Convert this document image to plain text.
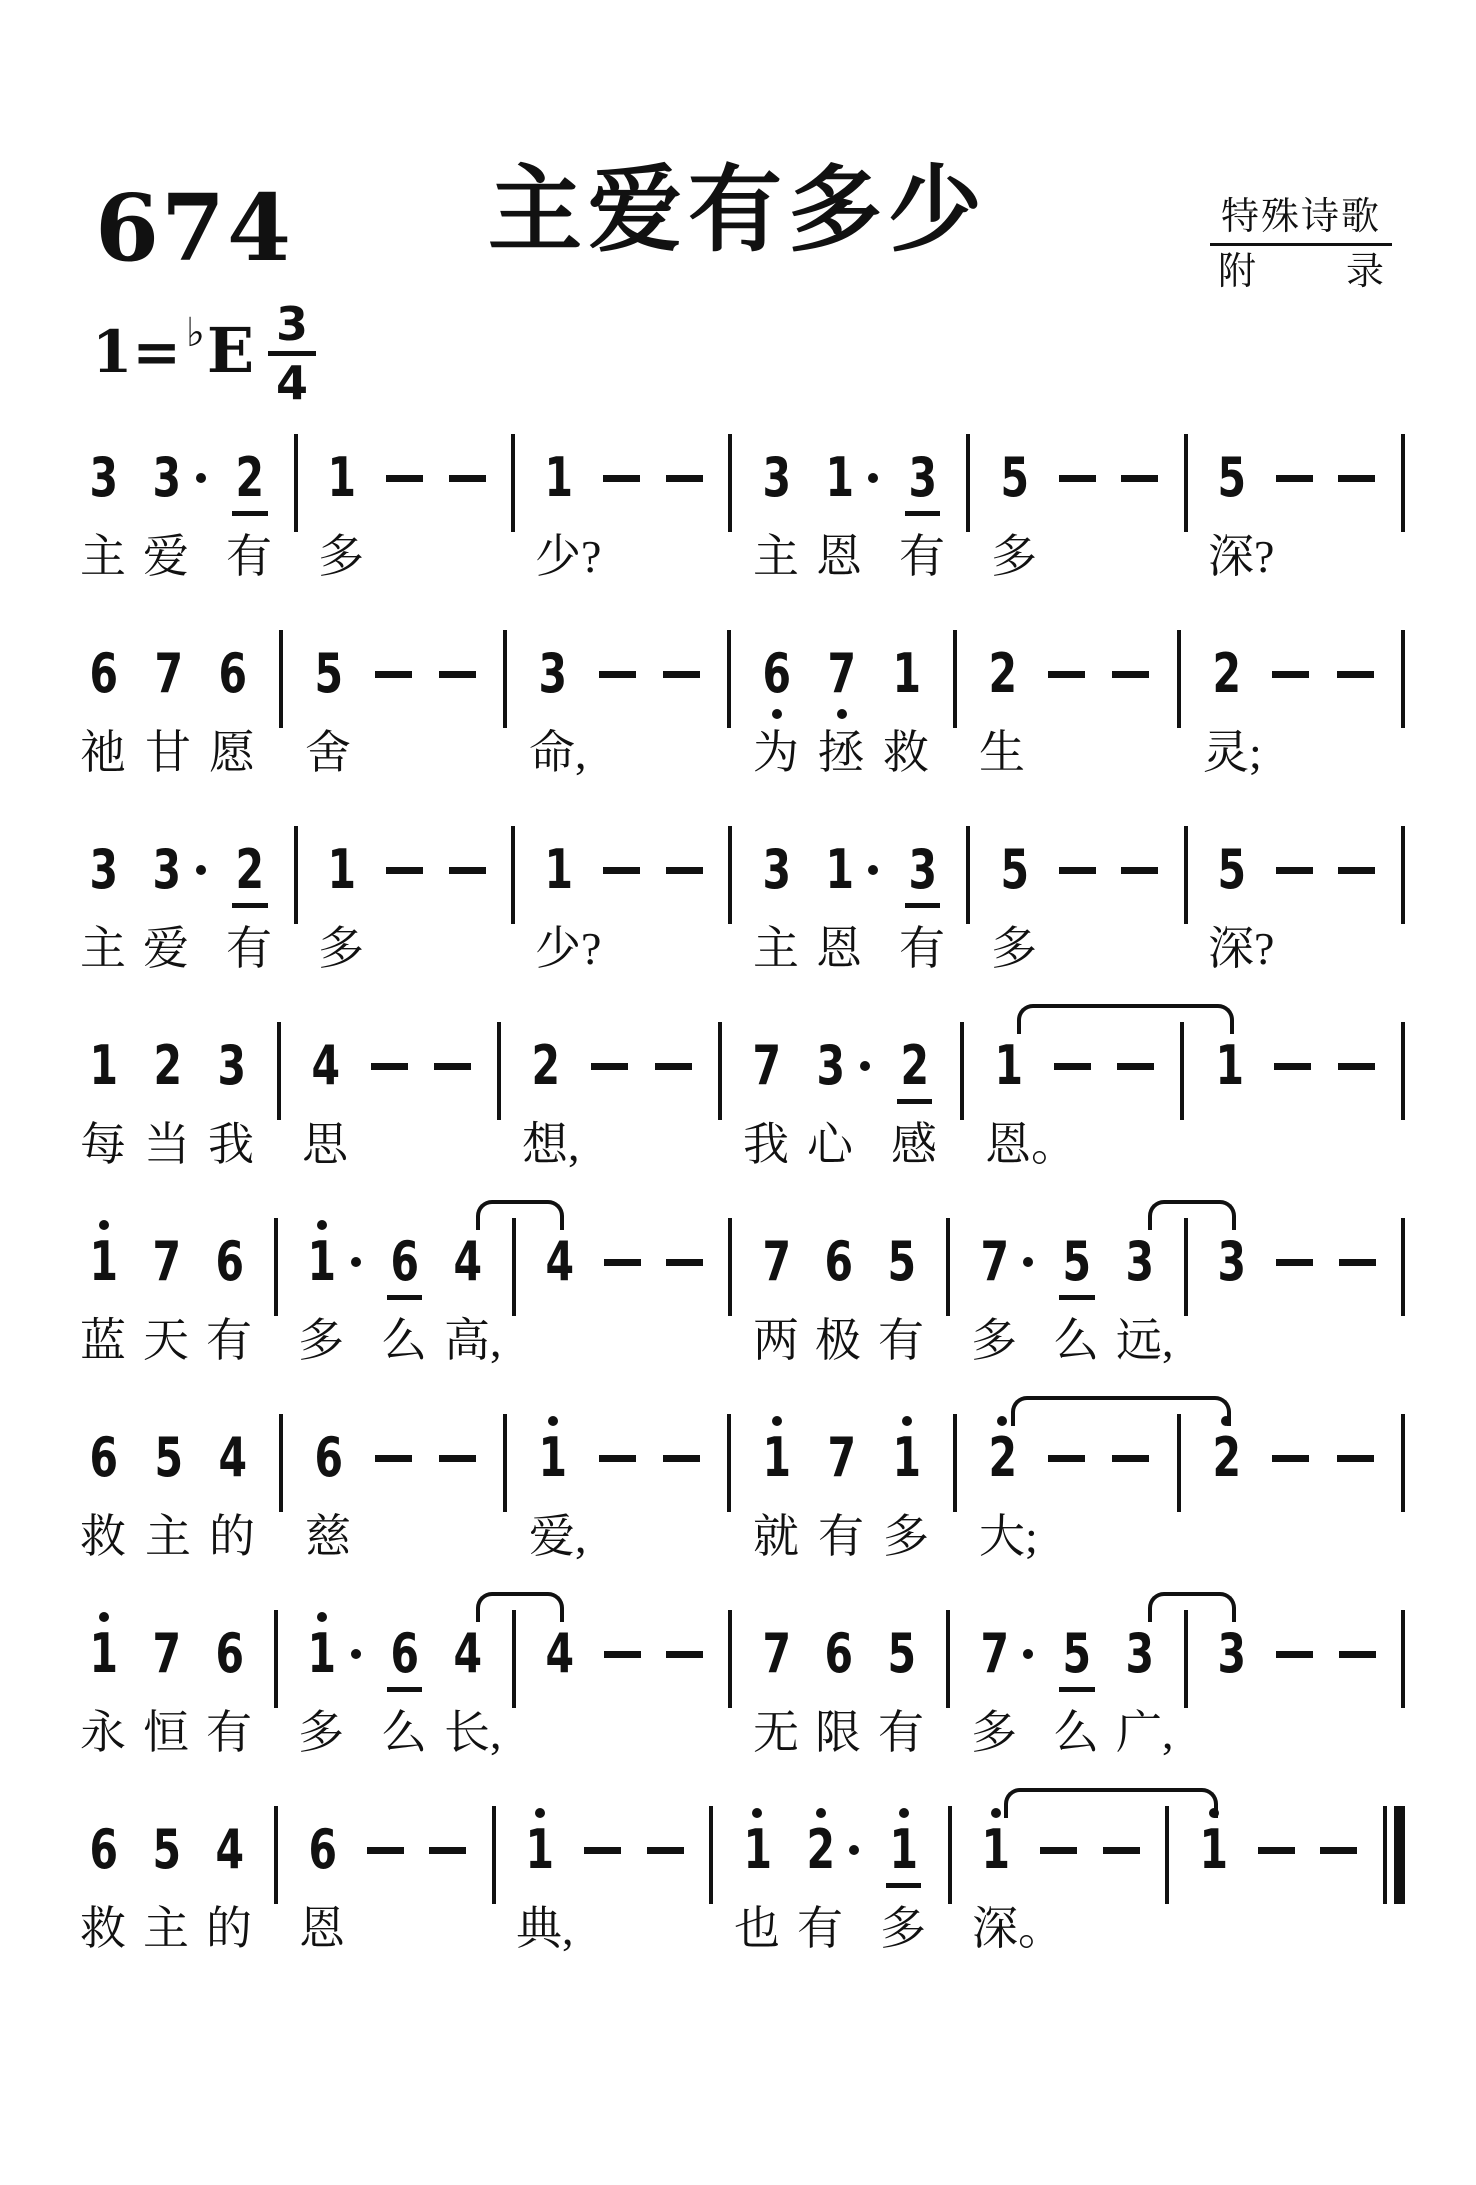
674	主爱有多少	特殊诗歌
附 录
1= ♭E 3
4
3 3 2 1	1	3 1 3 5	5
主 爱 有 多	少?	主 恩 有 多	深?
6 7 6 5	3	6 7 1 2	2
祂 甘 愿 舍	命,	为 拯 救 生	灵;
3 3 2 1	1	3 1 3 5	5
主 爱 有 多	少?	主 恩 有 多	深?
1 2 3 4	2	7 3 2 1	1
每 当 我 思	想,	我 心 感 恩。
1 7 6 1 6 4 4	7 6 5 7 5 3 3
蓝 天 有 多 么 高,	两 极 有 多 么 远,
6 5 4 6	1	1 7 1 2	2
救 主 的 慈	爱,	就 有 多 大;
1 7 6 1 6 4 4	7 6 5 7 5 3 3
永 恒 有 多 么 长,	无 限 有 多 么 广,
6 5 4 6	1	1 2 1 1	1
救 主 的 恩	典,	也 有 多 深。
